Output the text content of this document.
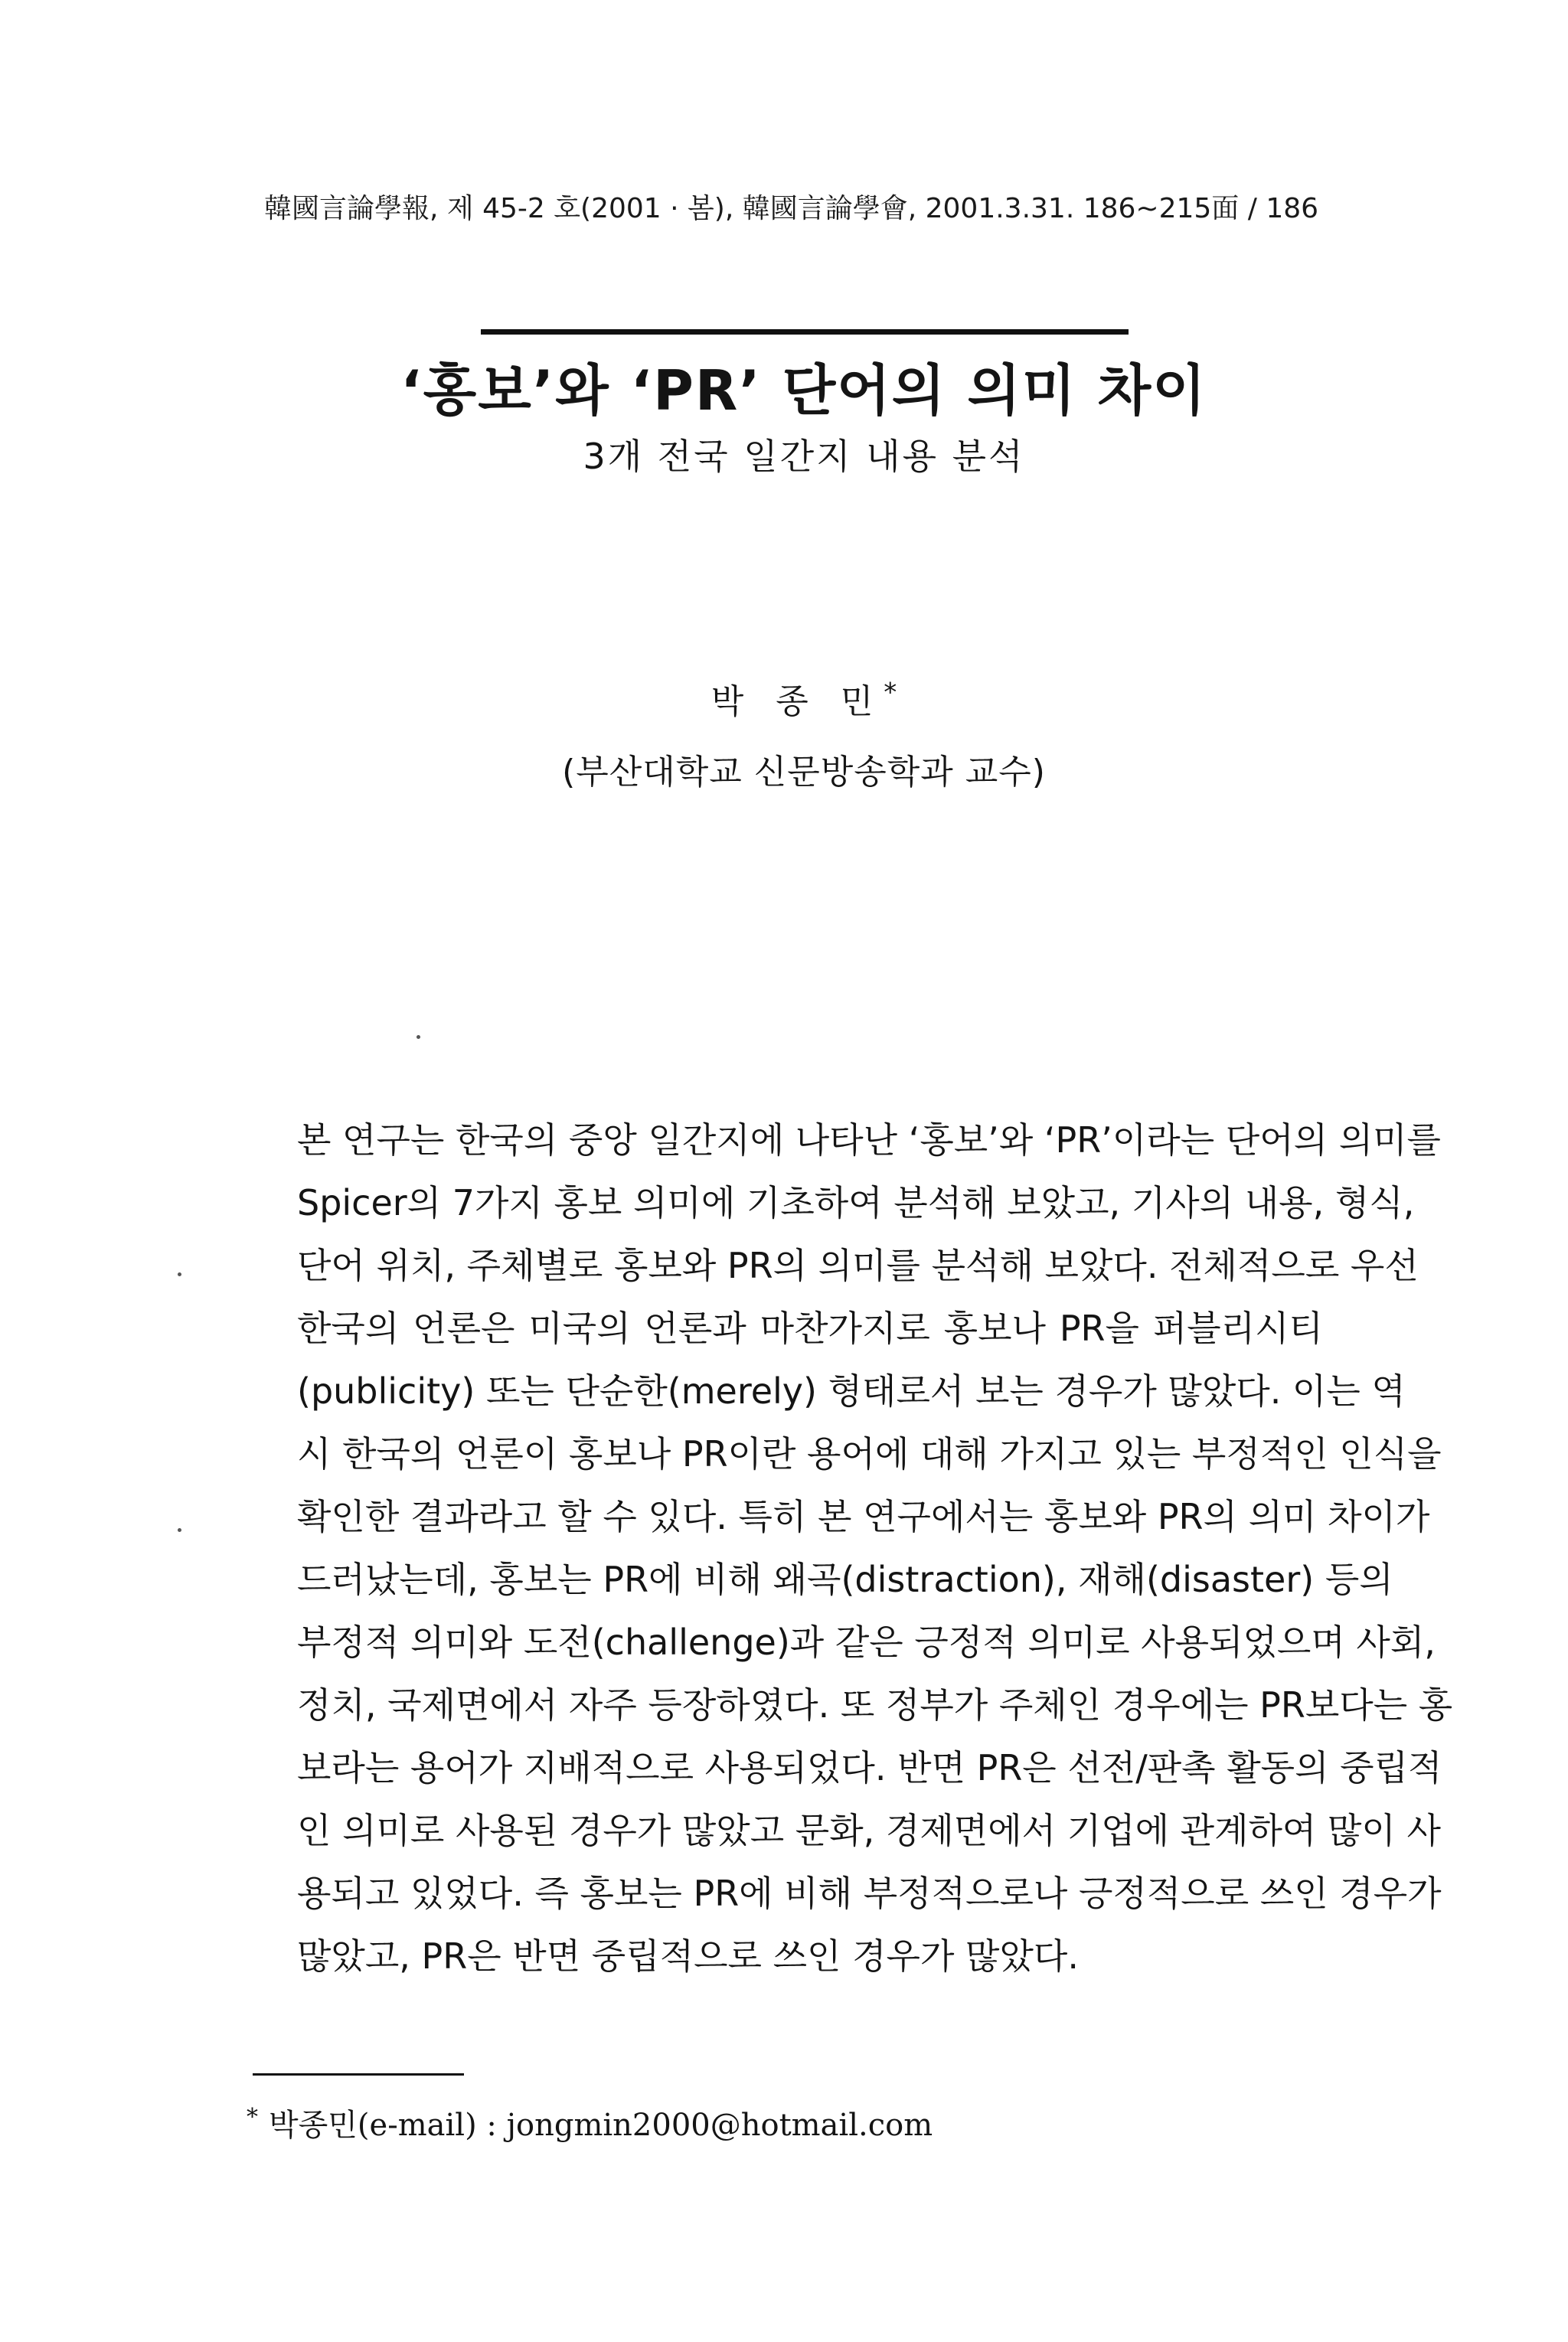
韓國言論學報, 제 45-2 호(2001 · 봄), 韓國言論學會, 2001.3.31. 186~215面 / 186
‘홍보’와 ‘PR’ 단어의 의미 차이
3개 전국 일간지 내용 분석
박 종 민*
(부산대학교 신문방송학과 교수)
본 연구는 한국의 중앙 일간지에 나타난 ‘홍보’와 ‘PR’이라는 단어의 의미를
Spicer의 7가지 홍보 의미에 기초하여 분석해 보았고, 기사의 내용, 형식,
단어 위치, 주체별로 홍보와 PR의 의미를 분석해 보았다. 전체적으로 우선
한국의 언론은 미국의 언론과 마찬가지로 홍보나 PR을 퍼블리시티
(publicity) 또는 단순한(merely) 형태로서 보는 경우가 많았다. 이는 역
시 한국의 언론이 홍보나 PR이란 용어에 대해 가지고 있는 부정적인 인식을
확인한 결과라고 할 수 있다. 특히 본 연구에서는 홍보와 PR의 의미 차이가
드러났는데, 홍보는 PR에 비해 왜곡(distraction), 재해(disaster) 등의
부정적 의미와 도전(challenge)과 같은 긍정적 의미로 사용되었으며 사회,
정치, 국제면에서 자주 등장하였다. 또 정부가 주체인 경우에는 PR보다는 홍
보라는 용어가 지배적으로 사용되었다. 반면 PR은 선전/판촉 활동의 중립적
인 의미로 사용된 경우가 많았고 문화, 경제면에서 기업에 관계하여 많이 사
용되고 있었다. 즉 홍보는 PR에 비해 부정적으로나 긍정적으로 쓰인 경우가
많았고, PR은 반면 중립적으로 쓰인 경우가 많았다.
* 박종민(e-mail) : jongmin2000@hotmail.com
